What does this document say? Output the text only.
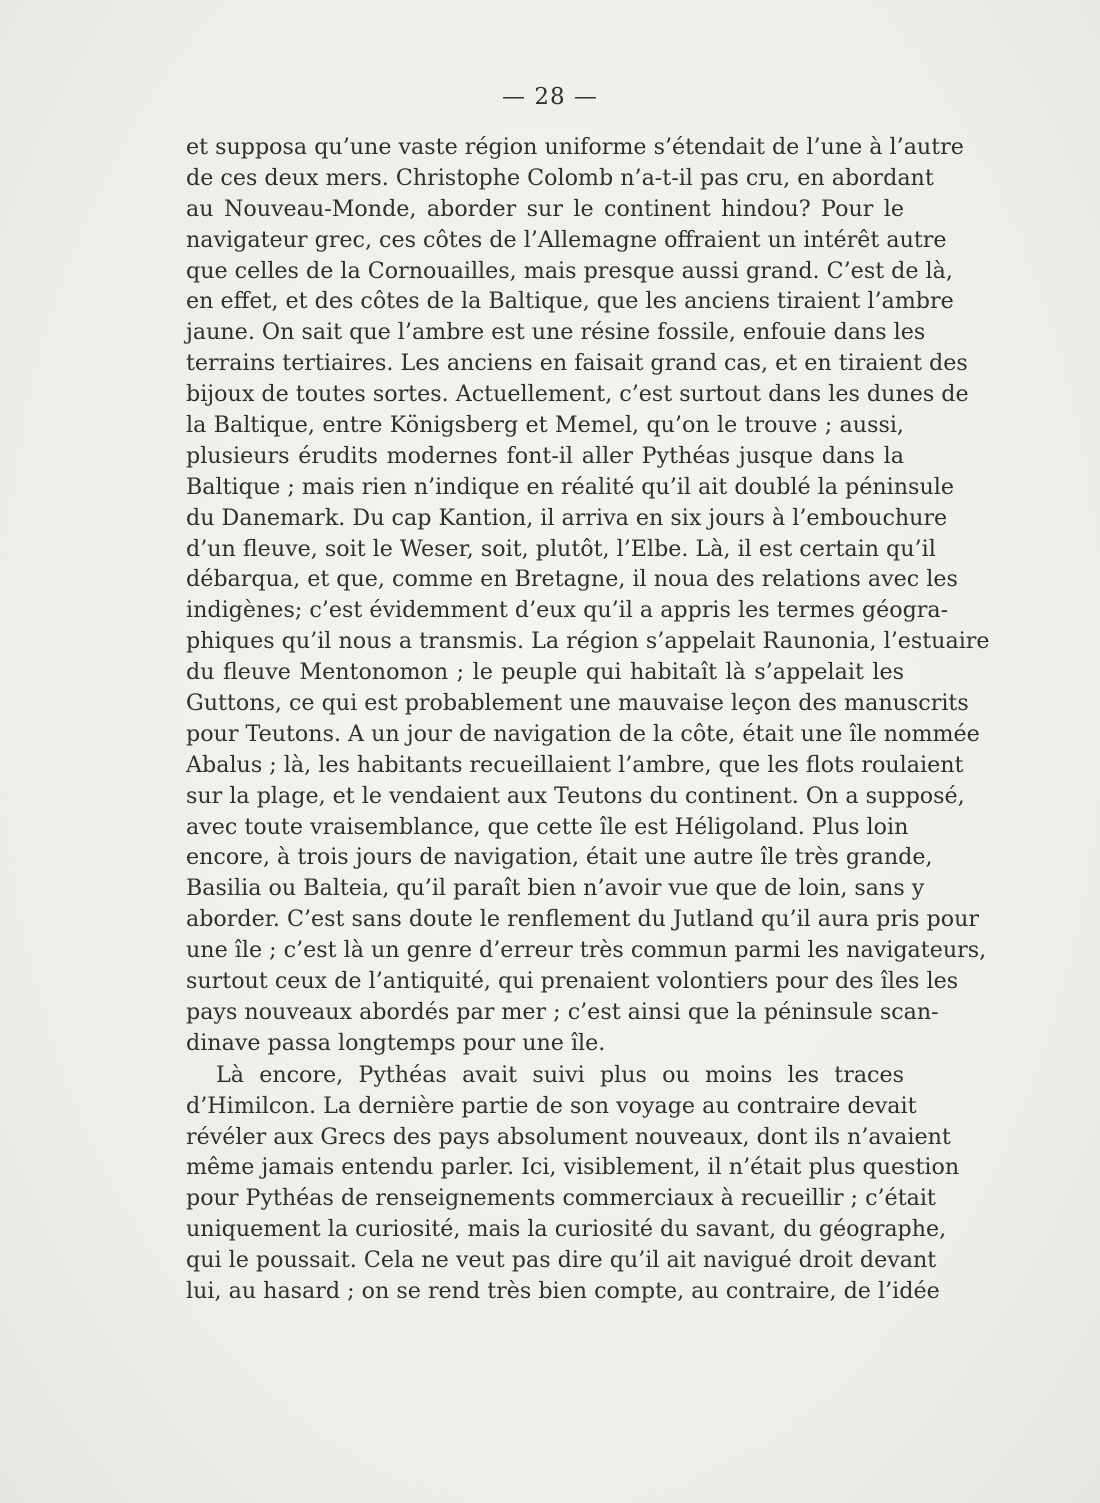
— 28 —
et supposa qu’une vaste région uniforme s’étendait de l’une à l’autre
de ces deux mers. Christophe Colomb n’a-t-il pas cru, en abordant
au Nouveau-Monde, aborder sur le continent hindou? Pour le
navigateur grec, ces côtes de l’Allemagne offraient un intérêt autre
que celles de la Cornouailles, mais presque aussi grand. C’est de là,
en effet, et des côtes de la Baltique, que les anciens tiraient l’ambre
jaune. On sait que l’ambre est une résine fossile, enfouie dans les
terrains tertiaires. Les anciens en faisait grand cas, et en tiraient des
bijoux de toutes sortes. Actuellement, c’est surtout dans les dunes de
la Baltique, entre Königsberg et Memel, qu’on le trouve ; aussi,
plusieurs érudits modernes font-il aller Pythéas jusque dans la
Baltique ; mais rien n’indique en réalité qu’il ait doublé la péninsule
du Danemark. Du cap Kantion, il arriva en six jours à l’embouchure
d’un fleuve, soit le Weser, soit, plutôt, l’Elbe. Là, il est certain qu’il
débarqua, et que, comme en Bretagne, il noua des relations avec les
indigènes; c’est évidemment d’eux qu’il a appris les termes géogra-
phiques qu’il nous a transmis. La région s’appelait Raunonia, l’estuaire
du fleuve Mentonomon ; le peuple qui habitaît là s’appelait les
Guttons, ce qui est probablement une mauvaise leçon des manuscrits
pour Teutons. A un jour de navigation de la côte, était une île nommée
Abalus ; là, les habitants recueillaient l’ambre, que les flots roulaient
sur la plage, et le vendaient aux Teutons du continent. On a supposé,
avec toute vraisemblance, que cette île est Héligoland. Plus loin
encore, à trois jours de navigation, était une autre île très grande,
Basilia ou Balteia, qu’il paraît bien n’avoir vue que de loin, sans y
aborder. C’est sans doute le renflement du Jutland qu’il aura pris pour
une île ; c’est là un genre d’erreur très commun parmi les navigateurs,
surtout ceux de l’antiquité, qui prenaient volontiers pour des îles les
pays nouveaux abordés par mer ; c’est ainsi que la péninsule scan-
dinave passa longtemps pour une île.
Là encore, Pythéas avait suivi plus ou moins les traces
d’Himilcon. La dernière partie de son voyage au contraire devait
révéler aux Grecs des pays absolument nouveaux, dont ils n’avaient
même jamais entendu parler. Ici, visiblement, il n’était plus question
pour Pythéas de renseignements commerciaux à recueillir ; c’était
uniquement la curiosité, mais la curiosité du savant, du géographe,
qui le poussait. Cela ne veut pas dire qu’il ait navigué droit devant
lui, au hasard ; on se rend très bien compte, au contraire, de l’idée
